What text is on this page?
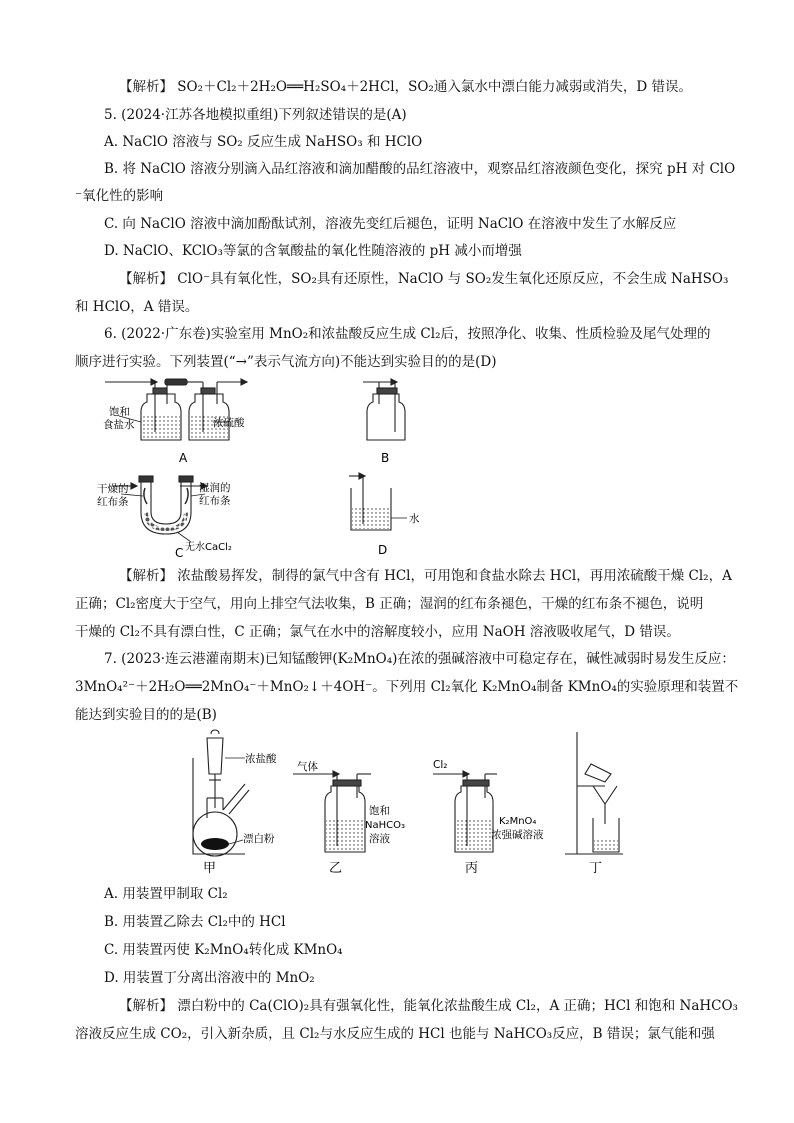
【解析】 SO₂＋Cl₂＋2H₂O══H₂SO₄＋2HCl，SO₂通入氯水中漂白能力减弱或消失，D 错误。
5. (2024·江苏各地模拟重组)下列叙述错误的是(A)
A. NaClO 溶液与 SO₂ 反应生成 NaHSO₃ 和 HClO
B. 将 NaClO 溶液分别滴入品红溶液和滴加醋酸的品红溶液中，观察品红溶液颜色变化，探究 pH 对 ClO
⁻氧化性的影响
C. 向 NaClO 溶液中滴加酚酞试剂，溶液先变红后褪色，证明 NaClO 在溶液中发生了水解反应
D. NaClO、KClO₃等氯的含氧酸盐的氧化性随溶液的 pH 减小而增强
【解析】 ClO⁻具有氧化性，SO₂具有还原性，NaClO 与 SO₂发生氧化还原反应，不会生成 NaHSO₃
和 HClO，A 错误。
6. (2022·广东卷)实验室用 MnO₂和浓盐酸反应生成 Cl₂后，按照净化、收集、性质检验及尾气处理的
顺序进行实验。下列装置(“→”表示气流方向)不能达到实验目的的是(D)
饱和
食盐水	浓硫酸
A	B
干燥的
红布条
湿润的
红布条
无水CaCl₂
C
水
D
【解析】 浓盐酸易挥发，制得的氯气中含有 HCl，可用饱和食盐水除去 HCl，再用浓硫酸干燥 Cl₂，A
正确；Cl₂密度大于空气，用向上排空气法收集，B 正确；湿润的红布条褪色，干燥的红布条不褪色，说明
干燥的 Cl₂不具有漂白性，C 正确；氯气在水中的溶解度较小，应用 NaOH 溶液吸收尾气，D 错误。
7. (2023·连云港灌南期末)已知锰酸钾(K₂MnO₄)在浓的强碱溶液中可稳定存在，碱性减弱时易发生反应：
3MnO₄²⁻＋2H₂O══2MnO₄⁻＋MnO₂↓＋4OH⁻。下列用 Cl₂氧化 K₂MnO₄制备 KMnO₄的实验原理和装置不
能达到实验目的的是(B)
浓盐酸
漂白粉
甲
气体
饱和
NaHCO₃
溶液
乙
Cl₂
K₂MnO₄
浓强碱溶液
丙	丁
A. 用装置甲制取 Cl₂
B. 用装置乙除去 Cl₂中的 HCl
C. 用装置丙使 K₂MnO₄转化成 KMnO₄
D. 用装置丁分离出溶液中的 MnO₂
【解析】 漂白粉中的 Ca(ClO)₂具有强氧化性，能氧化浓盐酸生成 Cl₂，A 正确；HCl 和饱和 NaHCO₃
溶液反应生成 CO₂，引入新杂质，且 Cl₂与水反应生成的 HCl 也能与 NaHCO₃反应，B 错误；氯气能和强
